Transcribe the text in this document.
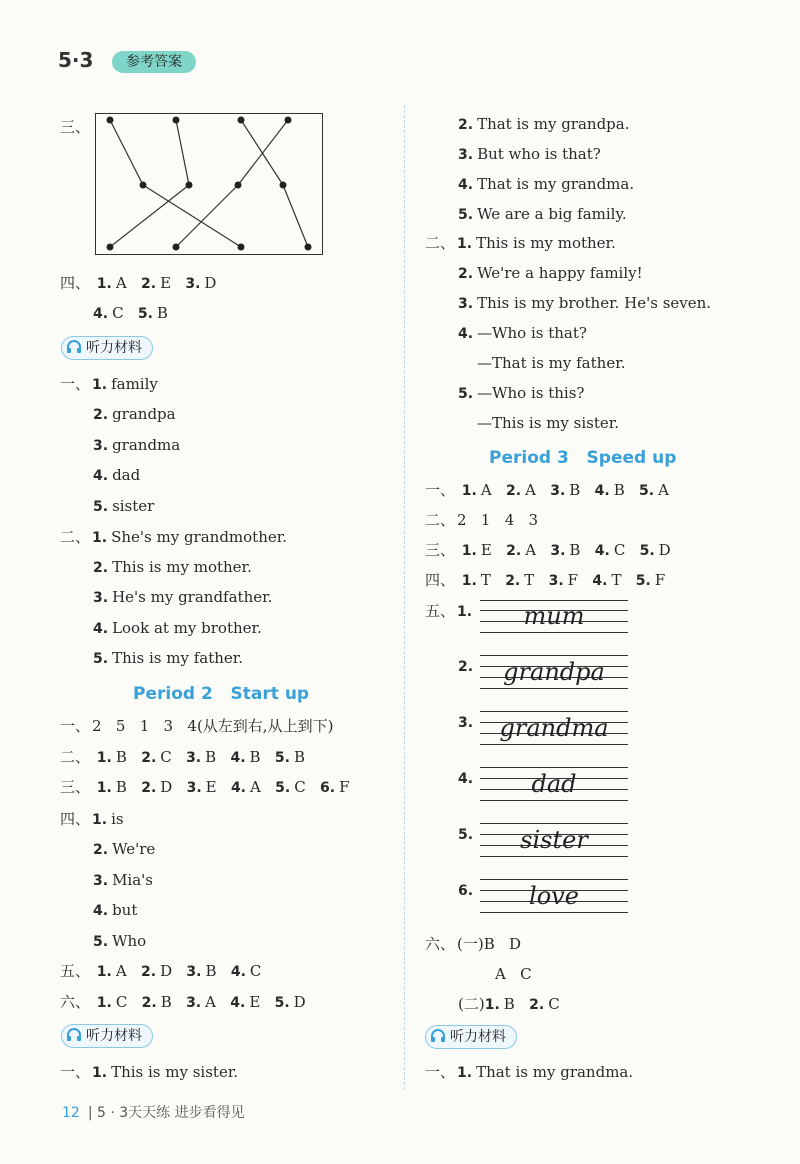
5·3	参考答案
三、
四、 1. A 2. E 3. D
4. C 5. B
听力材料
一、 1. family
2. grandpa
3. grandma
4. dad
5. sister
二、 1. She's my grandmother.
2. This is my mother.
3. He's my grandfather.
4. Look at my brother.
5. This is my father.
Period 2   Start up
一、 2   5   1   3   4(从左到右,从上到下)
二、 1. B 2. C 3. B 4. B 5. B
三、 1. B 2. D 3. E 4. A 5. C 6. F
四、 1. is
2. We're
3. Mia's
4. but
5. Who
五、 1. A 2. D 3. B 4. C
六、 1. C 2. B 3. A 4. E 5. D
听力材料
一、 1. This is my sister.
2. That is my grandpa.
3. But who is that?
4. That is my grandma.
5. We are a big family.
二、 1. This is my mother.
2. We're a happy family!
3. This is my brother. He's seven.
4. —Who is that?
—That is my father.
5. —Who is this?
—This is my sister.
Period 3   Speed up
一、 1. A 2. A 3. B 4. B 5. A
二、 2   1   4   3
三、 1. E 2. A 3. B 4. C 5. D
四、 1. T 2. T 3. F 4. T 5. F
五、 1.	mum
2.	grandpa
3.	grandma
4.	dad
5.	sister
6.	love
六、 (一)B   D
A   C
(二)1. B 2. C
听力材料
一、 1. That is my grandma.
12 | 5 · 3天天练 进步看得见
